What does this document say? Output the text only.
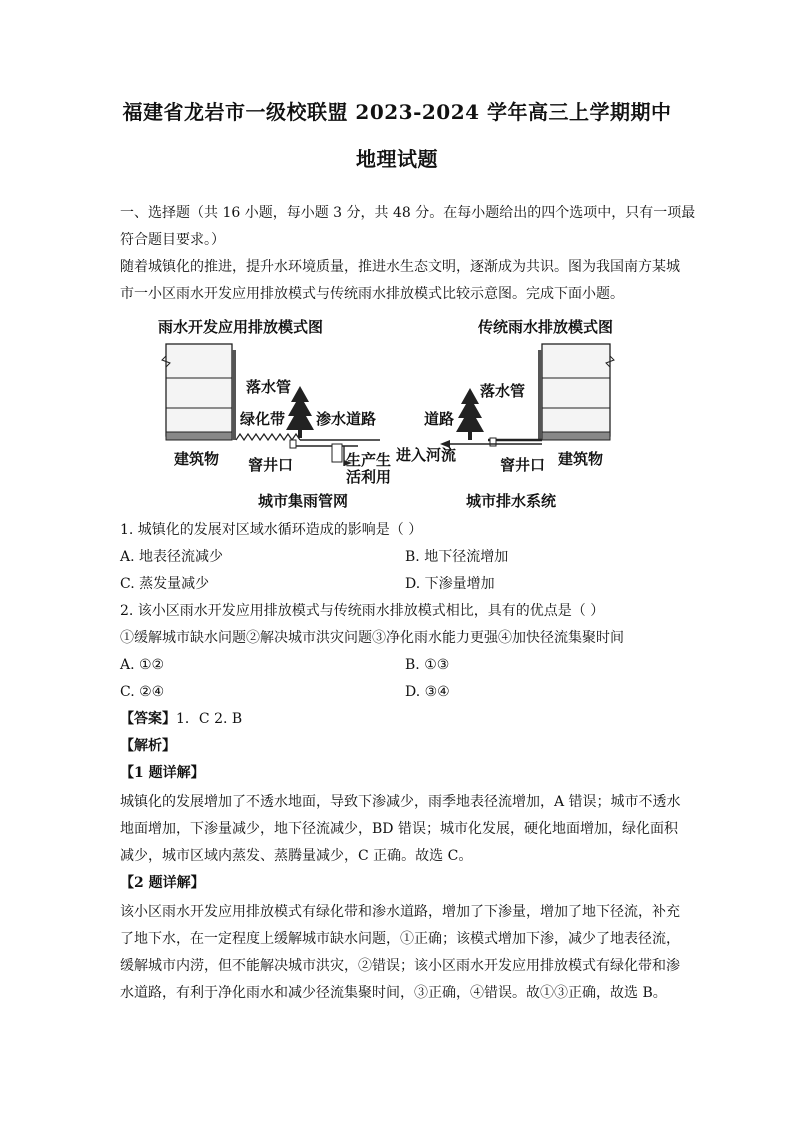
福建省龙岩市一级校联盟 2023-2024 学年高三上学期期中
地理试题
一、选择题（共 16 小题，每小题 3 分，共 48 分。在每小题给出的四个选项中，只有一项最
符合题目要求。）
随着城镇化的推进，提升水环境质量，推进水生态文明，逐渐成为共识。图为我国南方某城
市一小区雨水开发应用排放模式与传统雨水排放模式比较示意图。完成下面小题。
雨水开发应用排放模式图	传统雨水排放模式图
落水管
绿化带 渗水道路
建筑物 窨井口	生产生活利用
城市集雨管网
落水管
道路
进入河流
窨井口 建筑物
城市排水系统
1. 城镇化的发展对区域水循环造成的影响是（ ）
A. 地表径流减少	B. 地下径流增加
C. 蒸发量减少	D. 下渗量增加
2. 该小区雨水开发应用排放模式与传统雨水排放模式相比，具有的优点是（ ）
①缓解城市缺水问题②解决城市洪灾问题③净化雨水能力更强④加快径流集聚时间
A. ①②	B. ①③
C. ②④	D. ③④
【答案】1．C 2. B
【解析】
【1 题详解】
城镇化的发展增加了不透水地面，导致下渗减少，雨季地表径流增加，A 错误；城市不透水
地面增加，下渗量减少，地下径流减少，BD 错误；城市化发展，硬化地面增加，绿化面积
减少，城市区域内蒸发、蒸腾量减少，C 正确。故选 C。
【2 题详解】
该小区雨水开发应用排放模式有绿化带和渗水道路，增加了下渗量，增加了地下径流，补充
了地下水，在一定程度上缓解城市缺水问题，①正确；该模式增加下渗，减少了地表径流，
缓解城市内涝，但不能解决城市洪灾，②错误；该小区雨水开发应用排放模式有绿化带和渗
水道路，有利于净化雨水和减少径流集聚时间，③正确，④错误。故①③正确，故选 B。
